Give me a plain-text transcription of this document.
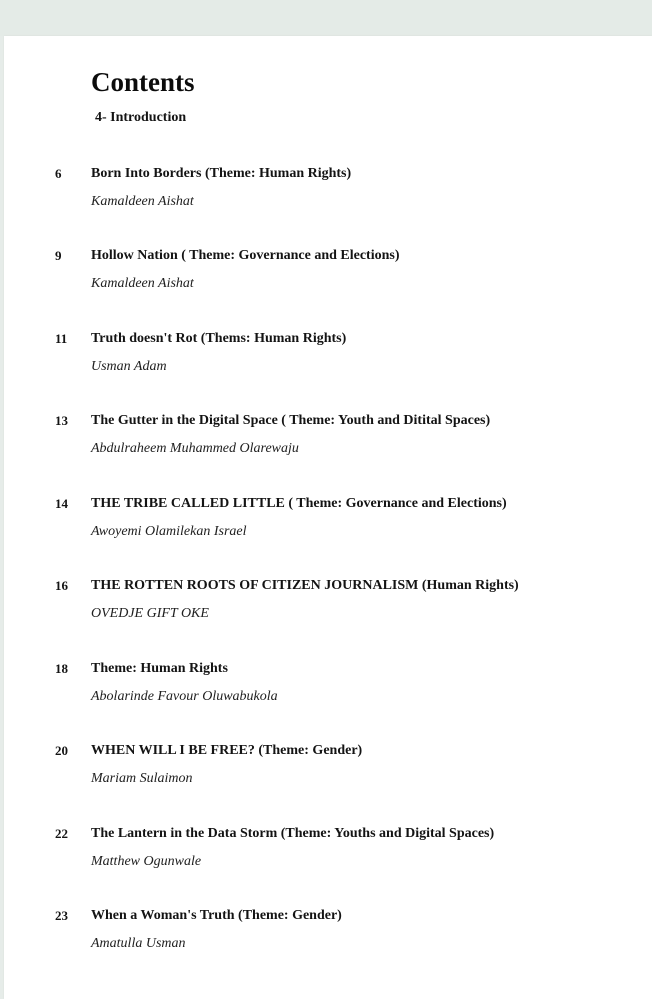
Contents
4- Introduction
6 Born Into Borders (Theme: Human Rights)
Kamaldeen Aishat
9 Hollow Nation ( Theme: Governance and Elections)
Kamaldeen Aishat
11 Truth doesn't Rot (Thems: Human Rights)
Usman Adam
13 The Gutter in the Digital Space ( Theme: Youth and Ditital Spaces)
Abdulraheem Muhammed Olarewaju
14 THE TRIBE CALLED LITTLE ( Theme: Governance and Elections)
Awoyemi Olamilekan Israel
16 THE ROTTEN ROOTS OF CITIZEN JOURNALISM (Human Rights)
OVEDJE GIFT OKE
18 Theme: Human Rights
Abolarinde Favour Oluwabukola
20 WHEN WILL I BE FREE? (Theme: Gender)
Mariam Sulaimon
22 The Lantern in the Data Storm (Theme: Youths and Digital Spaces)
Matthew Ogunwale
23 When a Woman's Truth (Theme: Gender)
Amatulla Usman
